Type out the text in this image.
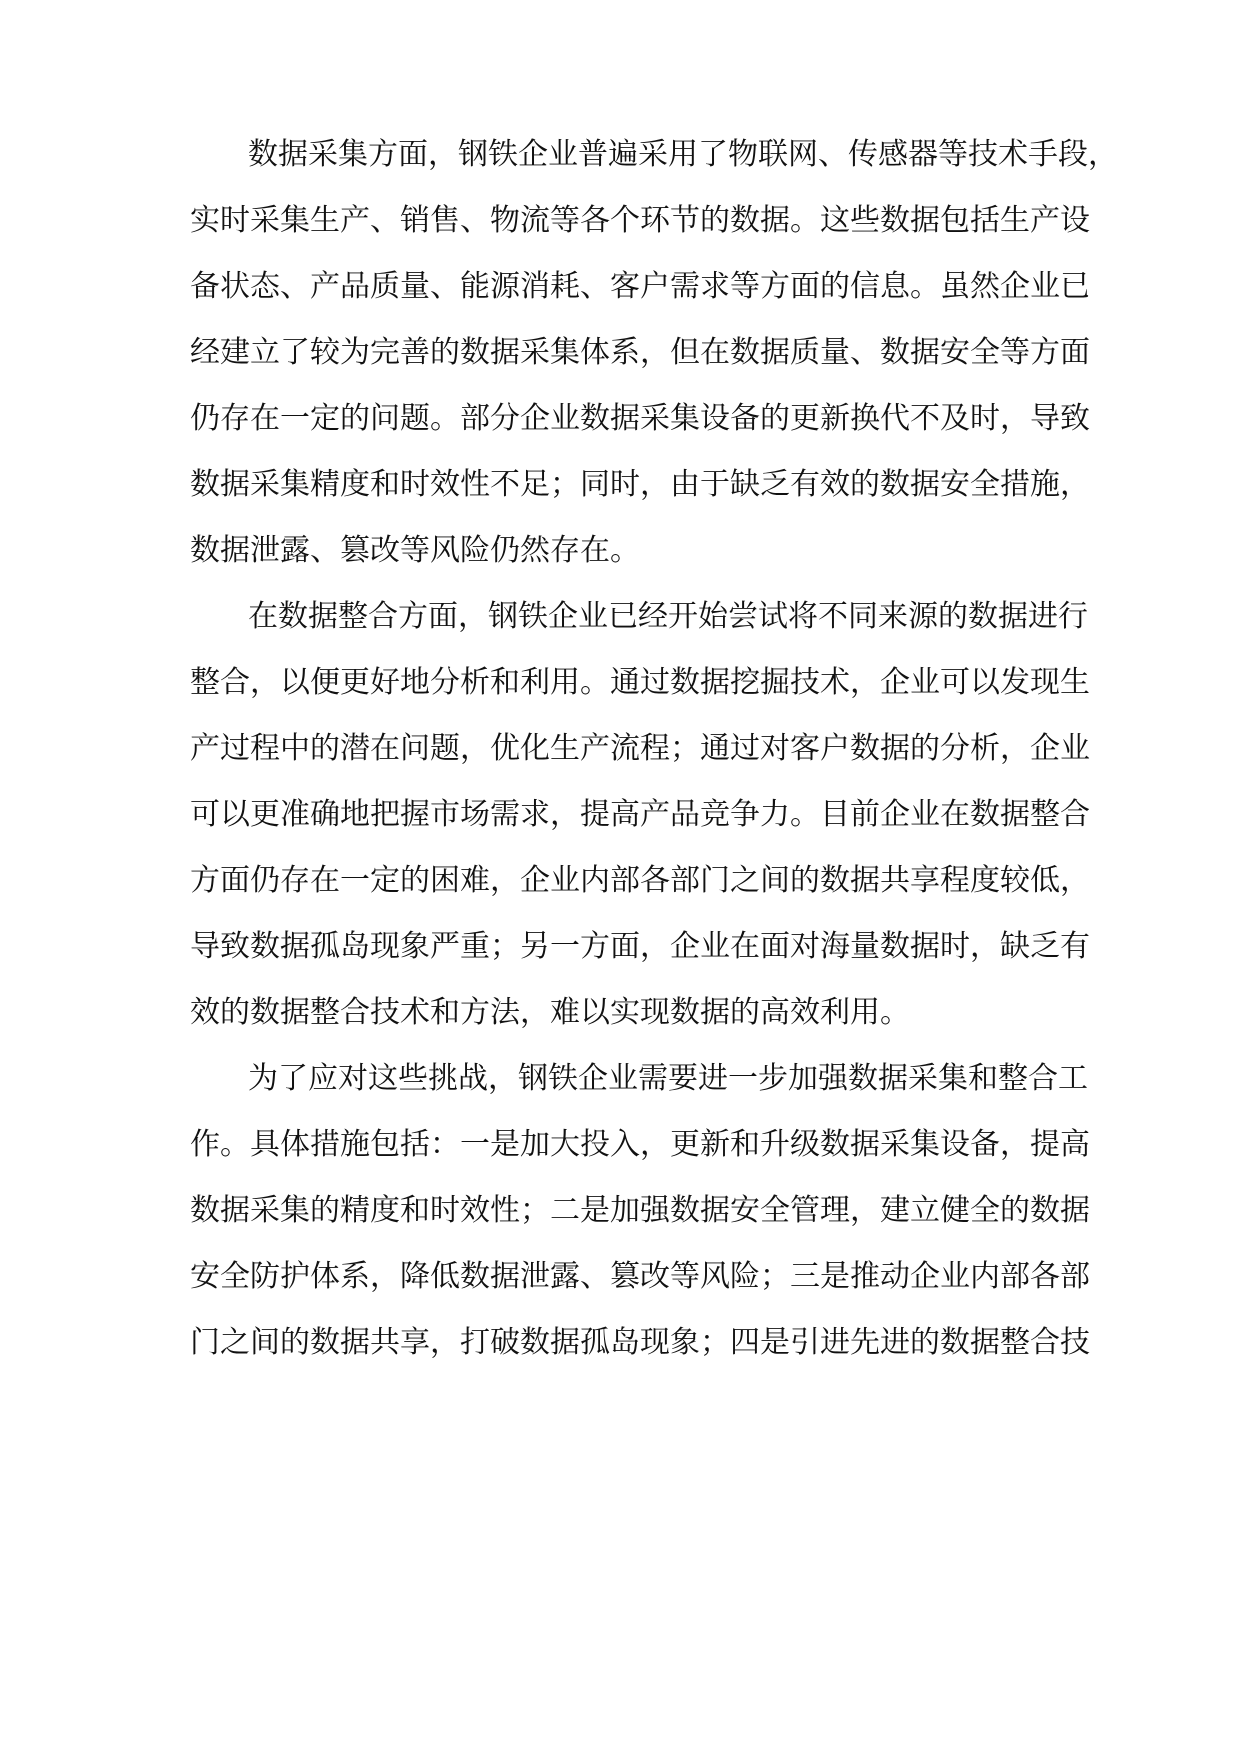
数据采集方面，钢铁企业普遍采用了物联网、传感器等技术手段，
实时采集生产、销售、物流等各个环节的数据。这些数据包括生产设
备状态、产品质量、能源消耗、客户需求等方面的信息。虽然企业已
经建立了较为完善的数据采集体系，但在数据质量、数据安全等方面
仍存在一定的问题。部分企业数据采集设备的更新换代不及时，导致
数据采集精度和时效性不足；同时，由于缺乏有效的数据安全措施，
数据泄露、篡改等风险仍然存在。
在数据整合方面，钢铁企业已经开始尝试将不同来源的数据进行
整合，以便更好地分析和利用。通过数据挖掘技术，企业可以发现生
产过程中的潜在问题，优化生产流程；通过对客户数据的分析，企业
可以更准确地把握市场需求，提高产品竞争力。目前企业在数据整合
方面仍存在一定的困难，企业内部各部门之间的数据共享程度较低，
导致数据孤岛现象严重；另一方面，企业在面对海量数据时，缺乏有
效的数据整合技术和方法，难以实现数据的高效利用。
为了应对这些挑战，钢铁企业需要进一步加强数据采集和整合工
作。具体措施包括：一是加大投入，更新和升级数据采集设备，提高
数据采集的精度和时效性；二是加强数据安全管理，建立健全的数据
安全防护体系，降低数据泄露、篡改等风险；三是推动企业内部各部
门之间的数据共享，打破数据孤岛现象；四是引进先进的数据整合技
